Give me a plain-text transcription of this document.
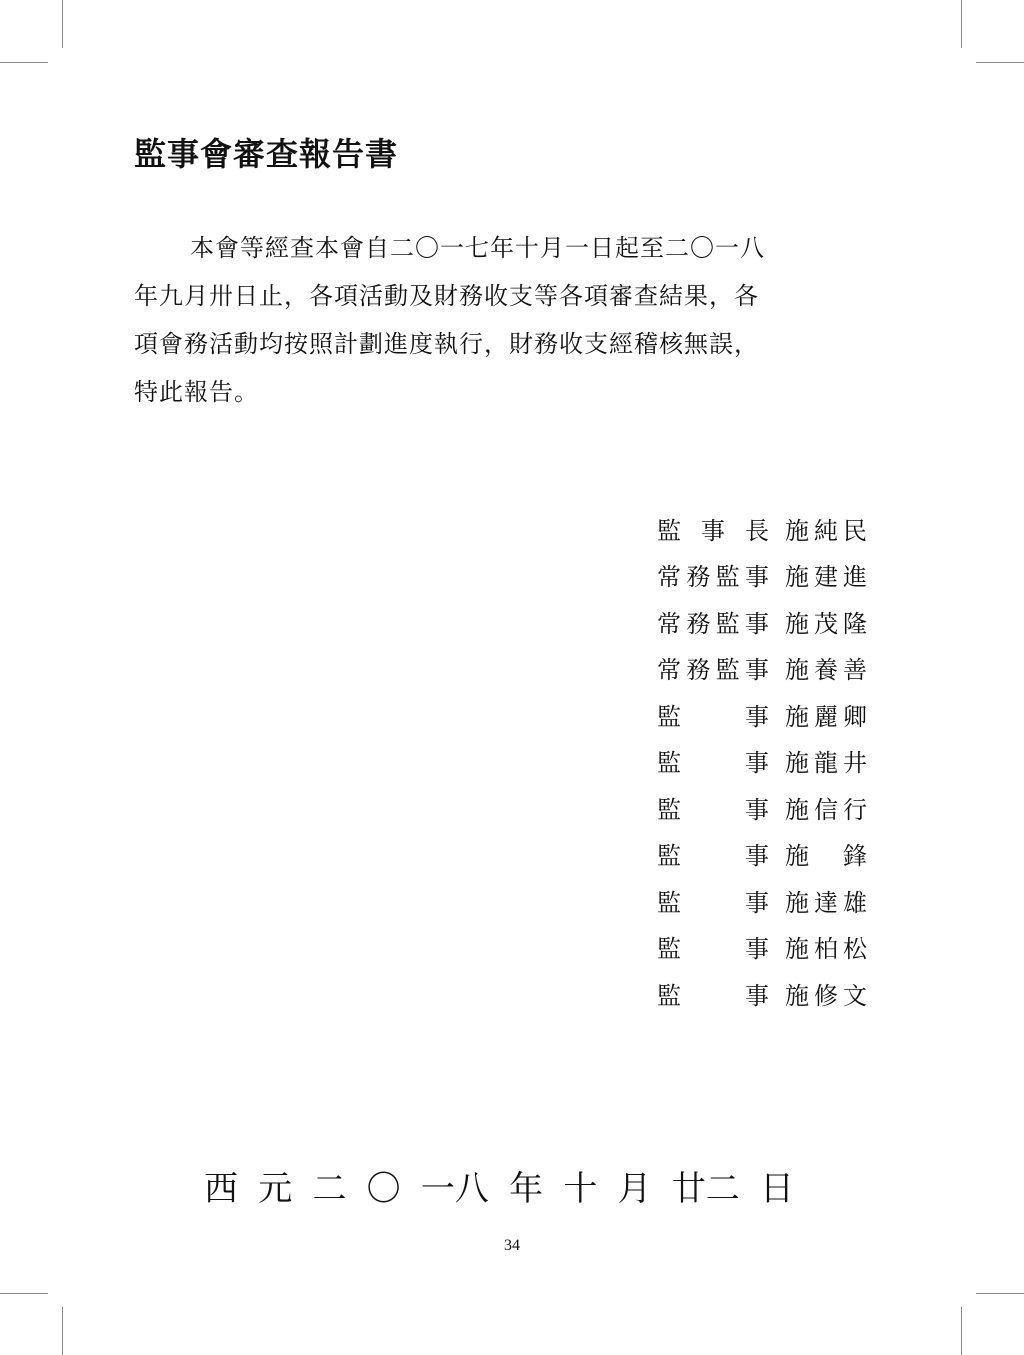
監事會審查報告書
本會等經查本會自二〇一七年十月一日起至二〇一八
年九月卅日止，各項活動及財務收支等各項審查結果，各
項會務活動均按照計劃進度執行，財務收支經稽核無誤，
特此報告。
監 事 長 施 純 民
常 務 監 事 施 建 進
常 務 監 事 施 茂 隆
常 務 監 事 施 養 善
監	事 施 麗 卿
監	事 施 龍 井
監	事 施 信 行
監	事 施 鋒
監	事 施 達 雄
監	事 施 柏 松
監	事 施 修 文
西 元 二 〇 一八 年 十 月 廿二 日
34
